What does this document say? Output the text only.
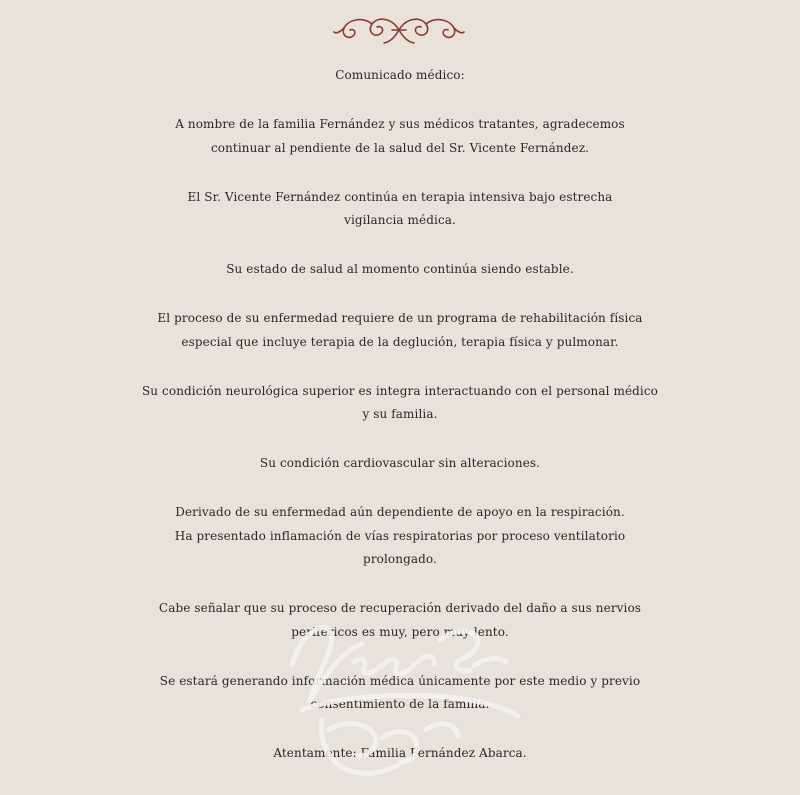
Comunicado médico:
A nombre de la familia Fernández y sus médicos tratantes, agradecemos
continuar al pendiente de la salud del Sr. Vicente Fernández.
El Sr. Vicente Fernández continúa en terapia intensiva bajo estrecha
vigilancia médica.
Su estado de salud al momento continúa siendo estable.
El proceso de su enfermedad requiere de un programa de rehabilitación física
especial que incluye terapia de la deglución, terapia física y pulmonar.
Su condición neurológica superior es integra interactuando con el personal médico
y su familia.
Su condición cardiovascular sin alteraciones.
Derivado de su enfermedad aún dependiente de apoyo en la respiración.
Ha presentado inflamación de vías respiratorias por proceso ventilatorio
prolongado.
Cabe señalar que su proceso de recuperación derivado del daño a sus nervios
periféricos es muy, pero muy lento.
Se estará generando información médica únicamente por este medio y previo
consentimiento de la familia.
Atentamente: Familia Fernández Abarca.
